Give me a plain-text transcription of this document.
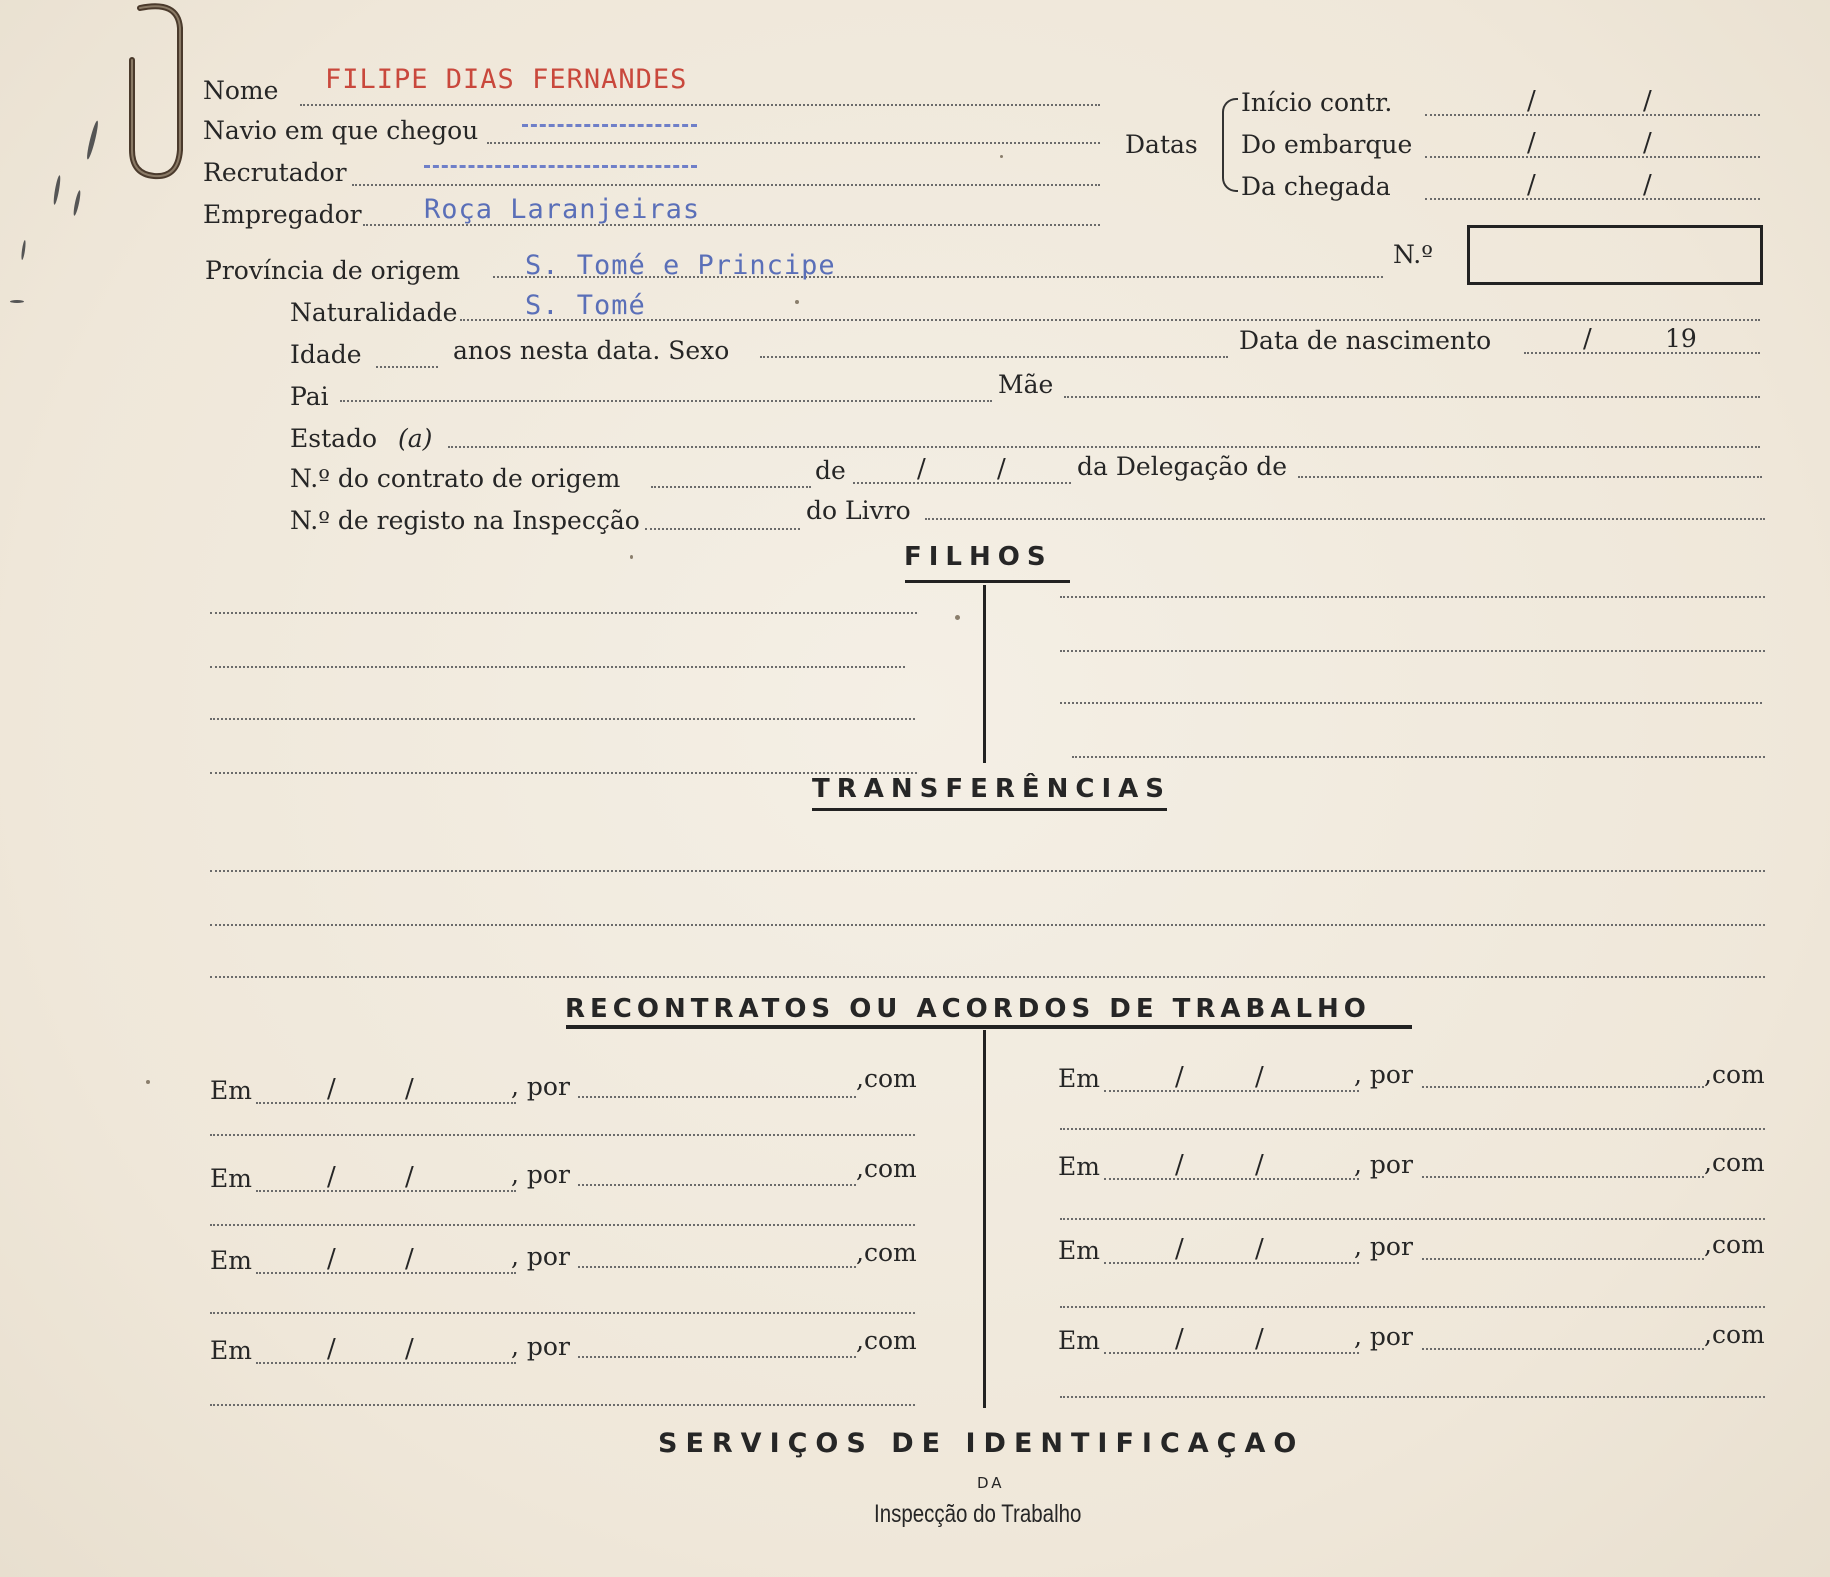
Nome FILIPE DIAS FERNANDES
Navio em que chegou
Recrutador
Empregador Roça Laranjeiras
Datas
Início contr.	/	/
Do embarque	/	/
Da chegada	/	/
N.º
Província de origem S. Tomé e Principe
Naturalidade	S. Tomé
Idade	anos nesta data. Sexo	Data de nascimento	/	19
Pai	Mãe
Estado (a)
N.º do contrato de origem	de	/	/	da Delegação de
N.º de registo na Inspecção	do Livro
FILHOS
TRANSFERÊNCIAS
RECONTRATOS OU ACORDOS DE TRABALHO
Em	/	/	, por	,com
Em	/	/	, por	,com
Em	/	/	, por	,com
Em	/	/	, por	,com
Em	/	/	, por	,com
Em	/	/	, por	,com
Em	/	/	, por	,com
Em	/	/	, por	,com
SERVIÇOS DE IDENTIFICAÇAO
DA
Inspecção do Trabalho
